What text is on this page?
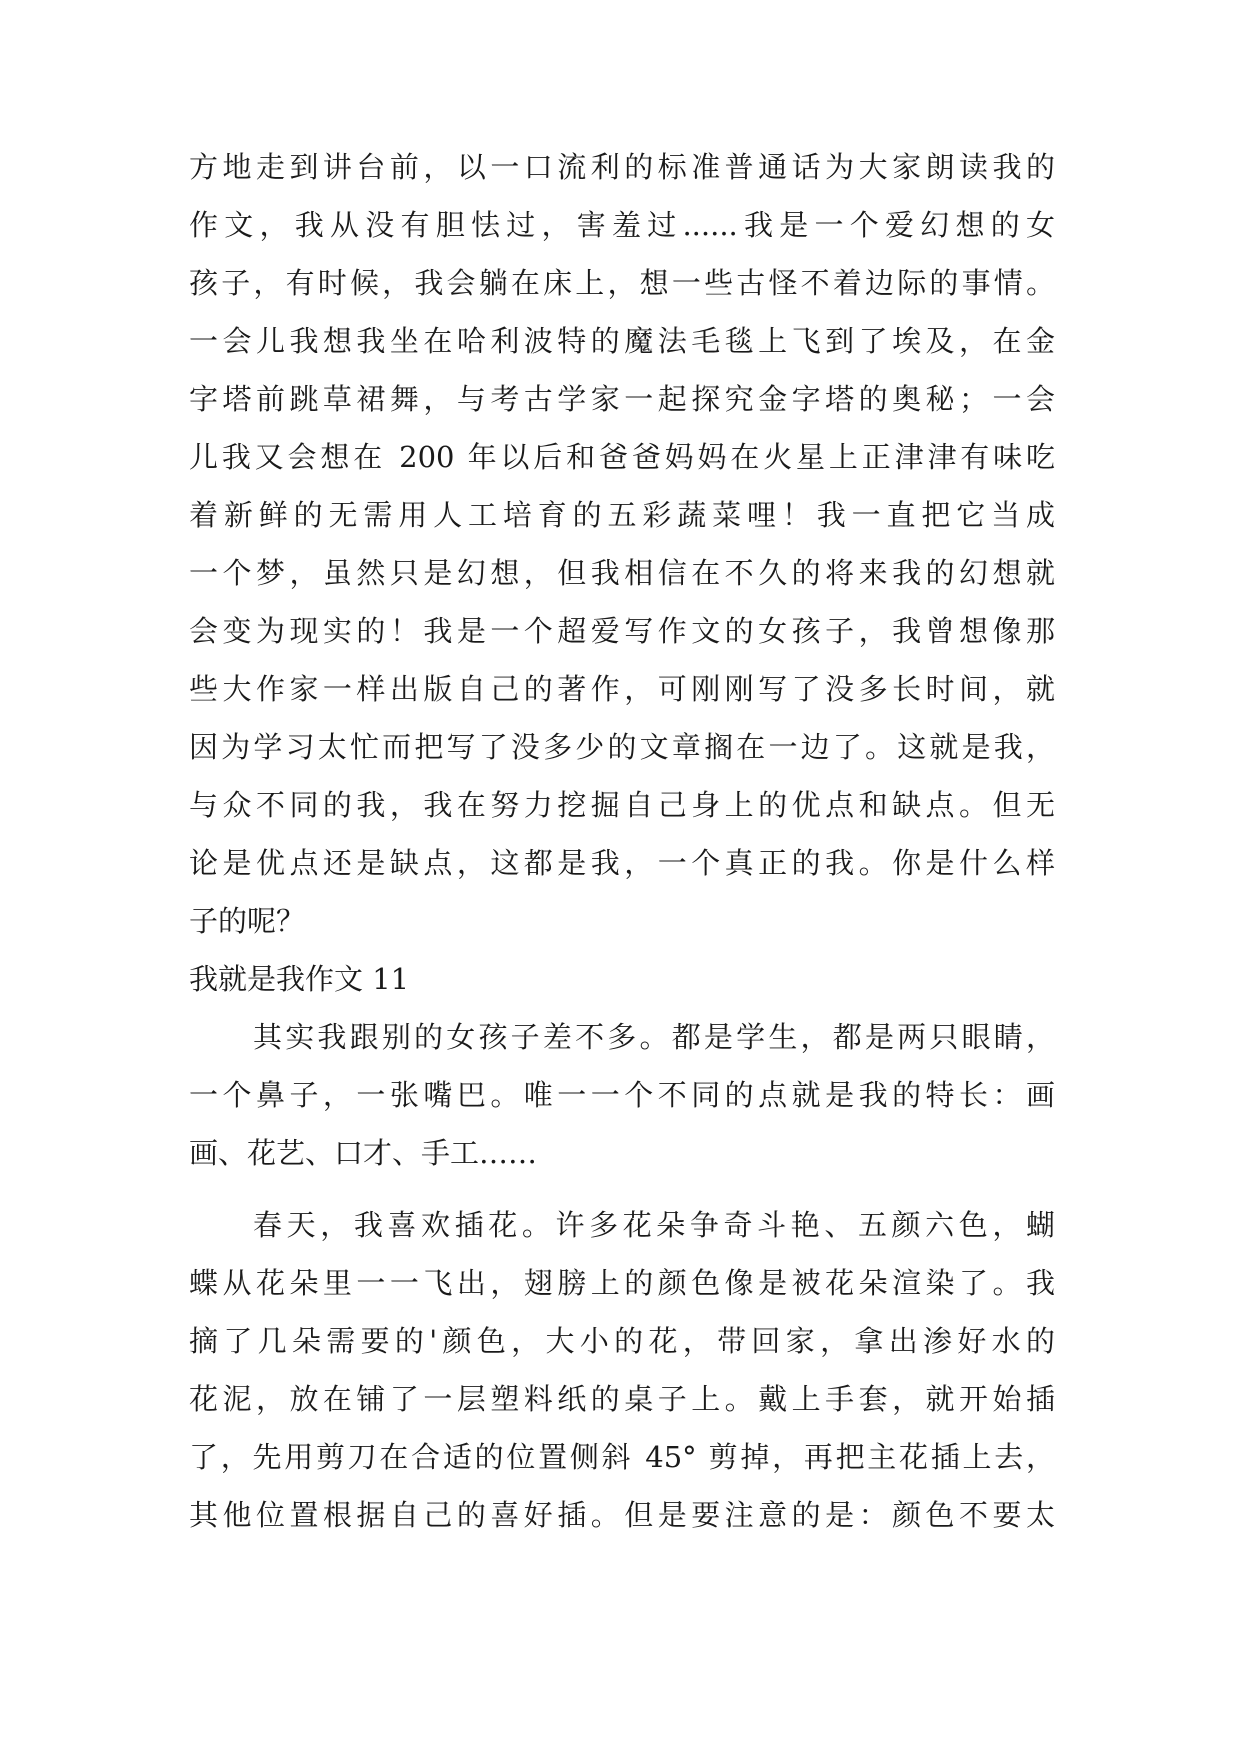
方地走到讲台前，以一口流利的标准普通话为大家朗读我的
作文，我从没有胆怯过，害羞过......我是一个爱幻想的女
孩子，有时候，我会躺在床上，想一些古怪不着边际的事情。
一会儿我想我坐在哈利波特的魔法毛毯上飞到了埃及，在金
字塔前跳草裙舞，与考古学家一起探究金字塔的奥秘；一会
儿我又会想在 200 年以后和爸爸妈妈在火星上正津津有味吃
着新鲜的无需用人工培育的五彩蔬菜哩！我一直把它当成
一个梦，虽然只是幻想，但我相信在不久的将来我的幻想就
会变为现实的！我是一个超爱写作文的女孩子，我曾想像那
些大作家一样出版自己的著作，可刚刚写了没多长时间，就
因为学习太忙而把写了没多少的文章搁在一边了。这就是我，
与众不同的我，我在努力挖掘自己身上的优点和缺点。但无
论是优点还是缺点，这都是我，一个真正的我。你是什么样
子的呢？
我就是我作文 11
其实我跟别的女孩子差不多。都是学生，都是两只眼睛，
一个鼻子，一张嘴巴。唯一一个不同的点就是我的特长：画
画、花艺、口才、手工……
春天，我喜欢插花。许多花朵争奇斗艳、五颜六色，蝴
蝶从花朵里一一飞出，翅膀上的颜色像是被花朵渲染了。我
摘了几朵需要的'颜色，大小的花，带回家，拿出渗好水的
花泥，放在铺了一层塑料纸的桌子上。戴上手套，就开始插
了，先用剪刀在合适的位置侧斜 45° 剪掉，再把主花插上去，
其他位置根据自己的喜好插。但是要注意的是：颜色不要太
